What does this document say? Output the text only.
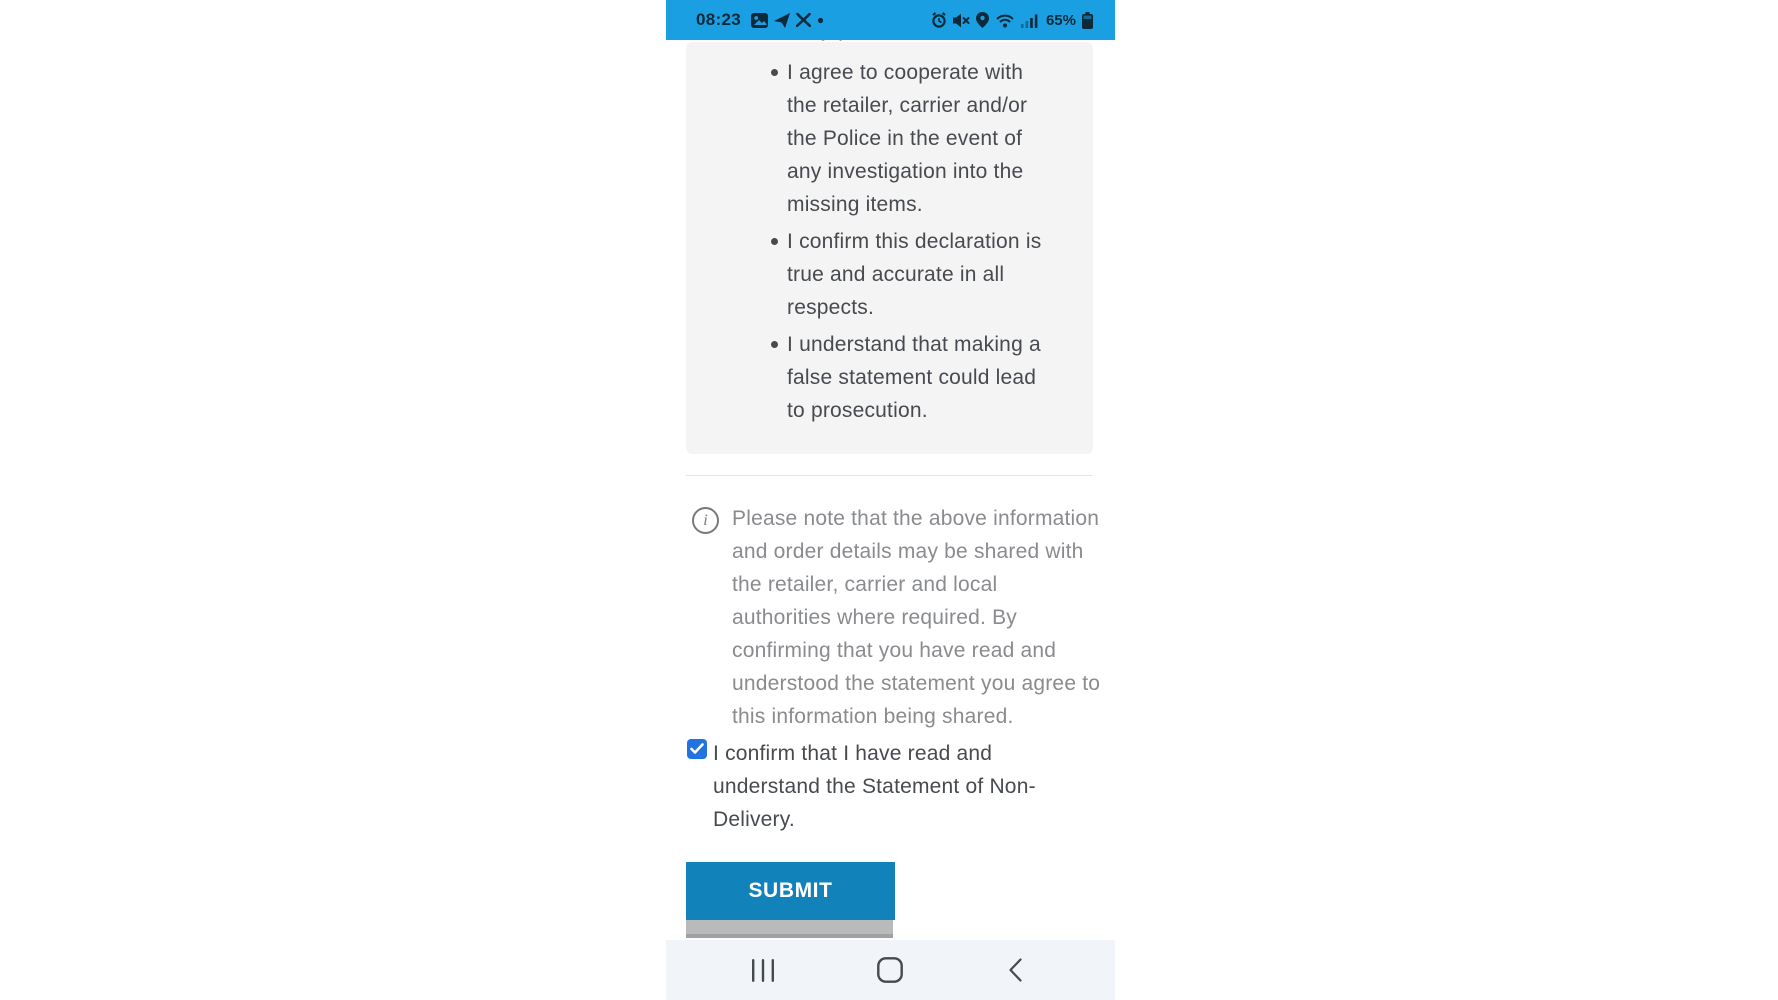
08:23	65%
I agree to cooperate with
the retailer, carrier and/or
the Police in the event of
any investigation into the
missing items.
I confirm this declaration is
true and accurate in all
respects.
I understand that making a
false statement could lead
to prosecution.
i Please note that the above information
and order details may be shared with
the retailer, carrier and local
authorities where required. By
confirming that you have read and
understood the statement you agree to
this information being shared.
I confirm that I have read and
understand the Statement of Non-
Delivery.
SUBMIT
